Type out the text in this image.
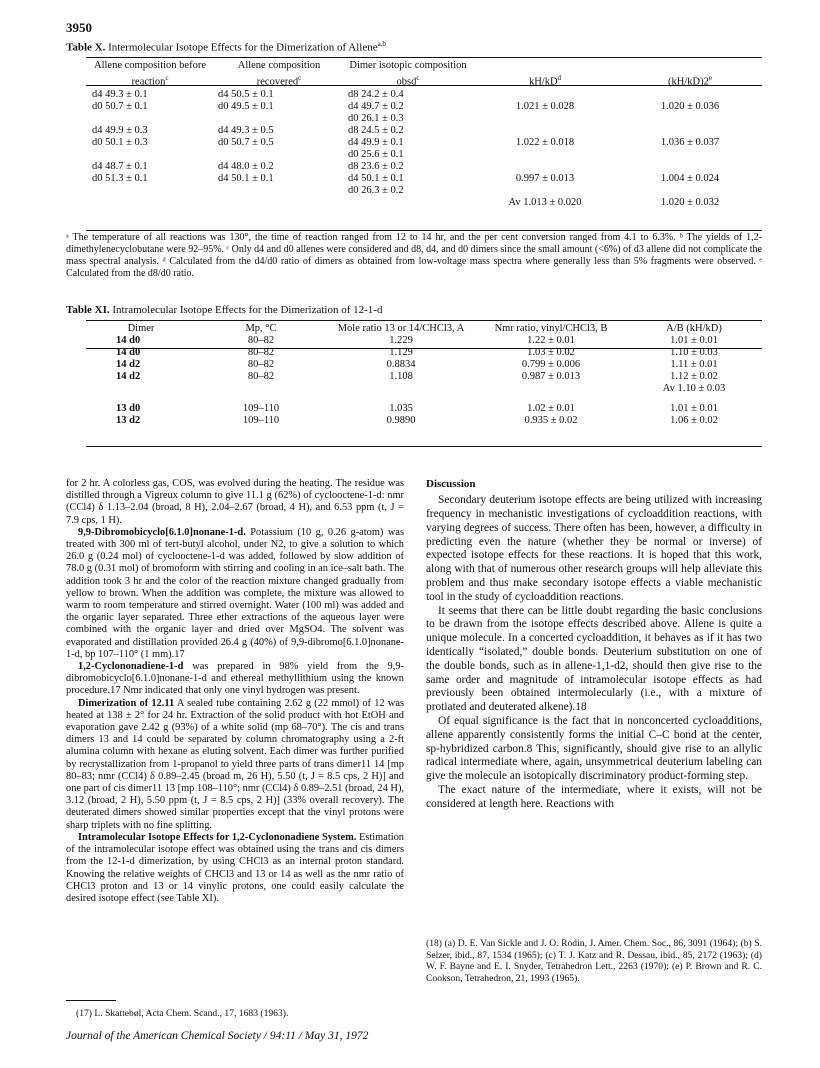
3950
Table X. Intermolecular Isotope Effects for the Dimerization of Allene$^{a,b}$
Allene composition before reaction$^c$	Allene composition recovered$^c$	Dimer isotopic composition obsd$^c$	$kH/kD^d$	(kH/kD)2e
d4 49.3 ± 0.1	d4 50.5 ± 0.1	d8 24.2 ± 0.4		
d0 50.7 ± 0.1	d0 49.5 ± 0.1	d4 49.7 ± 0.2	1.021 ± 0.028	1.020 ± 0.036
		d0 26.1 ± 0.3		
d4 49.9 ± 0.3	d4 49.3 ± 0.5	d8 24.5 ± 0.2		
d0 50.1 ± 0.3	d0 50.7 ± 0.5	d4 49.9 ± 0.1	1.022 ± 0.018	1.036 ± 0.037
		d0 25.6 ± 0.1		
d4 48.7 ± 0.1	d4 48.0 ± 0.2	d8 23.6 ± 0.2		
d0 51.3 ± 0.1	d4 50.1 ± 0.1	d4 50.1 ± 0.1	0.997 ± 0.013	1.004 ± 0.024
		d0 26.3 ± 0.2		
			Av 1.013 ± 0.020	1.020 ± 0.032
ᵃ The temperature of all reactions was 130°, the time of reaction ranged from 12 to 14 hr, and the per cent conversion ranged from 4.1 to 6.3%. ᵇ The yields of 1,2-dimethylenecyclobutane were 92–95%. ᶜ Only d4 and d0 allenes were considered and d8, d4, and d0 dimers since the small amount (<6%) of d3 allene did not complicate the mass spectral analysis. ᵈ Calculated from the d4/d0 ratio of dimers as obtained from low-voltage mass spectra where generally less than 5% fragments were observed. ᵉ Calculated from the d8/d0 ratio.
Table XI. Intramolecular Isotope Effects for the Dimerization of 12-1-d
Dimer	Mp, °C	Mole ratio 13 or 14/CHCl3, A	Nmr ratio, vinyl/CHCl3, B	A/B (kH/kD)
14 d0	80–82	1.229	1.22 ± 0.01	1.01 ± 0.01
14 d0	80–82	1.129	1.03 ± 0.02	1.10 ± 0.03
14 d2	80–82	0.8834	0.799 ± 0.006	1.11 ± 0.01
14 d2	80–82	1.108	0.987 ± 0.013	1.12 ± 0.02
				Av 1.10 ± 0.03

13 d0	109–110	1.035	1.02 ± 0.01	1.01 ± 0.01
13 d2	109–110	0.9890	0.935 ± 0.02	1.06 ± 0.02

for 2 hr. A colorless gas, COS, was evolved during the heating. The residue was distilled through a Vigreux column to give 11.1 g (62%) of cyclooctene-1-d: nmr (CCl4) δ 1.13–2.04 (broad, 8 H), 2.04–2.67 (broad, 4 H), and 6.53 ppm (t, J = 7.9 cps, 1 H).

9,9-Dibromobicyclo[6.1.0]nonane-1-d. Potassium (10 g, 0.26 g-atom) was treated with 300 ml of tert-butyl alcohol, under N2, to give a solution to which 26.0 g (0.24 mol) of cyclooctene-1-d was added, followed by slow addition of 78.0 g (0.31 mol) of bromoform with stirring and cooling in an ice–salt bath. The addition took 3 hr and the color of the reaction mixture changed gradually from yellow to brown. When the addition was complete, the mixture was allowed to warm to room temperature and stirred overnight. Water (100 ml) was added and the organic layer separated. Three ether extractions of the aqueous layer were combined with the organic layer and dried over MgSO4. The solvent was evaporated and distillation provided 26.4 g (40%) of 9,9-dibromo[6.1.0]nonane-1-d, bp 107–110° (1 mm).17

1,2-Cyclononadiene-1-d was prepared in 98% yield from the 9,9-dibromobicyclo[6.1.0]nonane-1-d and ethereal methyllithium using the known procedure.17 Nmr indicated that only one vinyl hydrogen was present.

Dimerization of 12.11 A sealed tube containing 2.62 g (22 mmol) of 12 was heated at 138 ± 2° for 24 hr. Extraction of the solid product with hot EtOH and evaporation gave 2.42 g (93%) of a white solid (mp 68–70°). The cis and trans dimers 13 and 14 could be separated by column chromatography using a 2-ft alumina column with hexane as eluting solvent. Each dimer was further purified by recrystallization from 1-propanol to yield three parts of trans dimer11 14 [mp 80–83; nmr (CCl4) δ 0.89–2.45 (broad m, 26 H), 5.50 (t, J = 8.5 cps, 2 H)] and one part of cis dimer11 13 [mp 108–110°; nmr (CCl4) δ 0.89–2.51 (broad, 24 H), 3.12 (broad, 2 H), 5.50 ppm (t, J = 8.5 cps, 2 H)] (33% overall recovery). The deuterated dimers showed similar properties except that the vinyl protons were sharp triplets with no fine splitting.

Intramolecular Isotope Effects for 1,2-Cyclononadiene System. Estimation of the intramolecular isotope effect was obtained using the trans and cis dimers from the 12-1-d dimerization, by using CHCl3 as an internal proton standard. Knowing the relative weights of CHCl3 and 13 or 14 as well as the nmr ratio of CHCl3 proton and 13 or 14 vinylic protons, one could easily calculate the desired isotope effect (see Table XI).

(17) L. Skattebøl, Acta Chem. Scand., 17, 1683 (1963).
Discussion

Secondary deuterium isotope effects are being utilized with increasing frequency in mechanistic investigations of cycloaddition reactions, with varying degrees of success. There often has been, however, a difficulty in predicting even the nature (whether they be normal or inverse) of expected isotope effects for these reactions. It is hoped that this work, along with that of numerous other research groups will help alleviate this problem and thus make secondary isotope effects a viable mechanistic tool in the study of cycloaddition reactions.

It seems that there can be little doubt regarding the basic conclusions to be drawn from the isotope effects described above. Allene is quite a unique molecule. In a concerted cycloaddition, it behaves as if it has two identically “isolated,” double bonds. Deuterium substitution on one of the double bonds, such as in allene-1,1-d2, should then give rise to the same order and magnitude of intramolecular isotope effects as had previously been obtained intermolecularly (i.e., with a mixture of protiated and deuterated alkene).18

Of equal significance is the fact that in nonconcerted cycloadditions, allene apparently consistently forms the initial C–C bond at the center, sp-hybridized carbon.8 This, significantly, should give rise to an allylic radical intermediate where, again, unsymmetrical deuterium labeling can give the molecule an isotopically discriminatory product-forming step.

The exact nature of the intermediate, where it exists, will not be considered at length here. Reactions with

(18) (a) D. E. Van Sickle and J. O. Rodin, J. Amer. Chem. Soc., 86, 3091 (1964); (b) S. Selzer, ibid., 87, 1534 (1965); (c) T. J. Katz and R. Dessau, ibid., 85, 2172 (1963); (d) W. F. Bayne and E. I. Snyder, Tetrahedron Lett., 2263 (1970); (e) P. Brown and R. C. Cookson, Tetrahedron, 21, 1993 (1965).
Journal of the American Chemical Society / 94:11 / May 31, 1972
